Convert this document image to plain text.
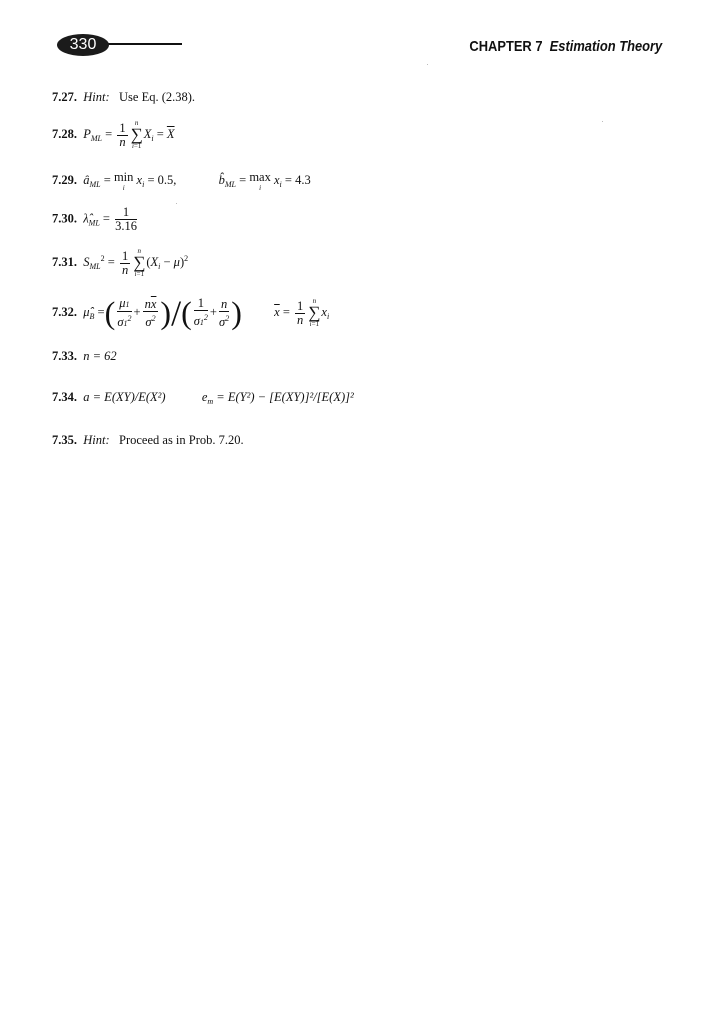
330	CHAPTER 7 Estimation Theory
7.27. Hint: Use Eq. (2.38).
7.28. $P_{ML} = \frac{1}{n}$	n
∑
i=1
$X_i = \overline{X}$
7.29. $â_{ML} = \min$
i
$x_i = 0.5$,	$b̂_{ML} = \max$
i
$x_i = 4.3$
7.30. $\lambdâ_{ML} = \frac{1}{3.16}$
7.31. $S_{ML}^2 = \frac{1}{n}$	n
∑
i=1
$(X_i - \mu)^2$
7.32. $\mû_B$ =( $\frac{\mu 1}{\sigma 1^2} + \frac{n\overline{x}}{\sigma^2}$ )/( $\frac{1}{\sigma 1^2} + \frac{n}{\sigma^2}$ )	$\overline{x} = \frac{1}{n}$	n
∑
i=1
$x_i$
7.33. n = 62
7.34. a = E(XY)/E(X²)	$e_m = E(Y^2) - [E(XY)]^2/[E(X)]^2$
7.35. Hint: Proceed as in Prob. 7.20.
